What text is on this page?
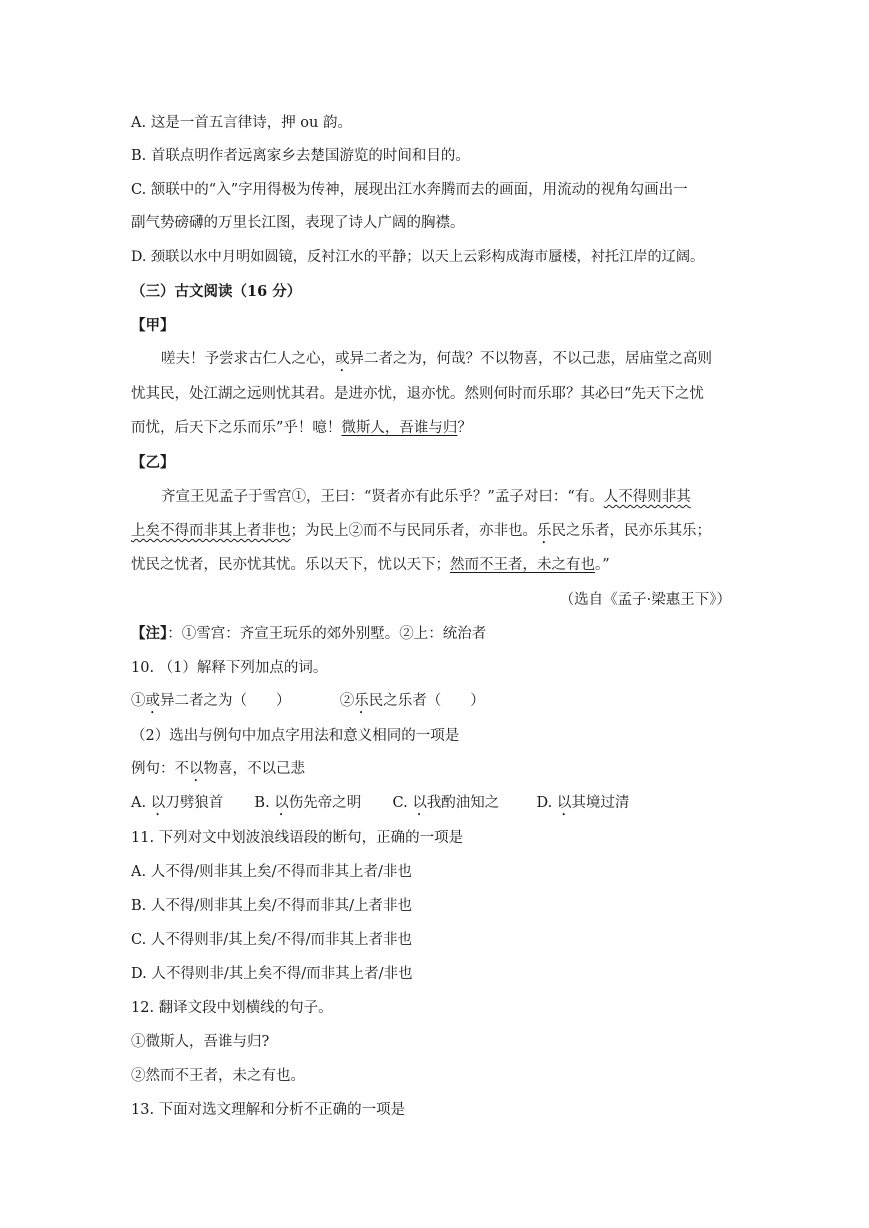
A. 这是一首五言律诗，押 ou 韵。
B. 首联点明作者远离家乡去楚国游览的时间和目的。
C. 颔联中的“入”字用得极为传神，展现出江水奔腾而去的画面，用流动的视角勾画出一
副气势磅礴的万里长江图，表现了诗人广阔的胸襟。
D. 颈联以水中月明如圆镜，反衬江水的平静；以天上云彩构成海市蜃楼，衬托江岸的辽阔。
（三）古文阅读（16 分）
【甲】
嗟夫！予尝求古仁人之心，或异二者之为，何哉？不以物喜，不以己悲，居庙堂之高则
忧其民，处江湖之远则忧其君。是进亦忧，退亦忧。然则何时而乐耶？其必曰“先天下之忧
而忧，后天下之乐而乐”乎！噫！微斯人，吾谁与归？
【乙】
齐宣王见孟子于雪宫①，王曰：“贤者亦有此乐乎？”孟子对曰：“有。人不得则非其
上矣不得而非其上者非也；为民上②而不与民同乐者，亦非也。乐民之乐者，民亦乐其乐；
忧民之忧者，民亦忧其忧。乐以天下，忧以天下；然而不王者，未之有也。”
（选自《孟子·梁惠王下》）
【注】：①雪宫：齐宣王玩乐的郊外别墅。②上：统治者
10. （1）解释下列加点的词。
①或异二者之为（　　）	②乐民之乐者（　　）
（2）选出与例句中加点字用法和意义相同的一项是
例句：不以物喜，不以己悲
A. 以刀劈狼首 B. 以伤先帝之明 C. 以我酌油知之	D. 以其境过清
11. 下列对文中划波浪线语段的断句，正确的一项是
A. 人不得/则非其上矣/不得而非其上者/非也
B. 人不得/则非其上矣/不得而非其/上者非也
C. 人不得则非/其上矣/不得/而非其上者非也
D. 人不得则非/其上矣不得/而非其上者/非也
12. 翻译文段中划横线的句子。
①微斯人，吾谁与归?
②然而不王者，未之有也。
13. 下面对选文理解和分析不正确的一项是
